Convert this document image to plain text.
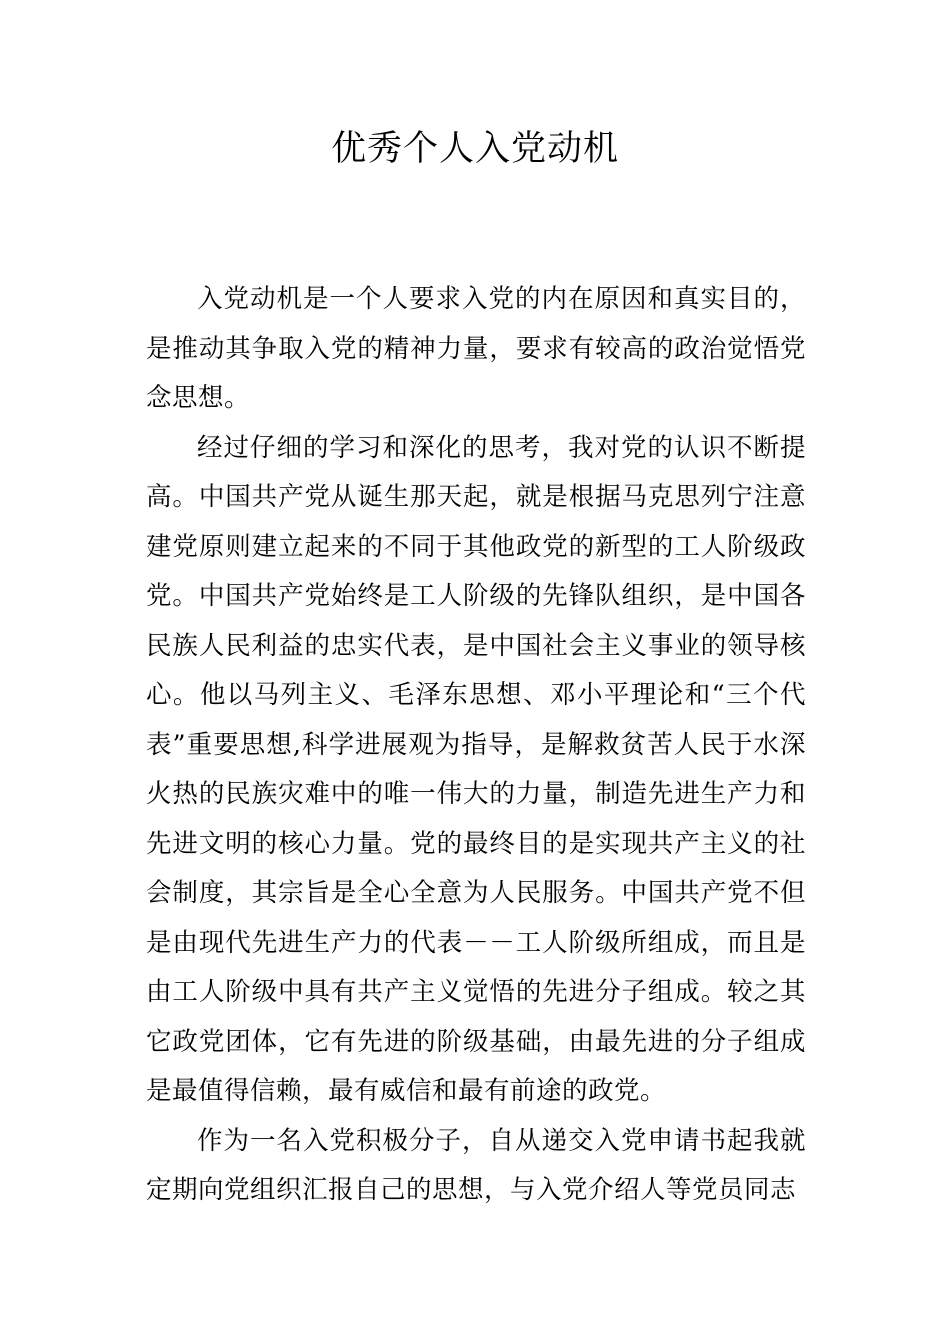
优秀个人入党动机

入党动机是一个人要求入党的内在原因和真实目的，是推动其争取入党的精神力量，要求有较高的政治觉悟党念思想。

经过仔细的学习和深化的思考，我对党的认识不断提高。中国共产党从诞生那天起，就是根据马克思列宁注意建党原则建立起来的不同于其他政党的新型的工人阶级政党。中国共产党始终是工人阶级的先锋队组织，是中国各民族人民利益的忠实代表，是中国社会主义事业的领导核心。他以马列主义、毛泽东思想、邓小平理论和“三个代表”重要思想,科学进展观为指导，是解救贫苦人民于水深火热的民族灾难中的唯一伟大的力量，制造先进生产力和先进文明的核心力量。党的最终目的是实现共产主义的社会制度，其宗旨是全心全意为人民服务。中国共产党不但是由现代先进生产力的代表－－工人阶级所组成，而且是由工人阶级中具有共产主义觉悟的先进分子组成。较之其它政党团体，它有先进的阶级基础，由最先进的分子组成是最值得信赖，最有威信和最有前途的政党。

作为一名入党积极分子，自从递交入党申请书起我就定期向党组织汇报自己的思想，与入党介绍人等党员同志
